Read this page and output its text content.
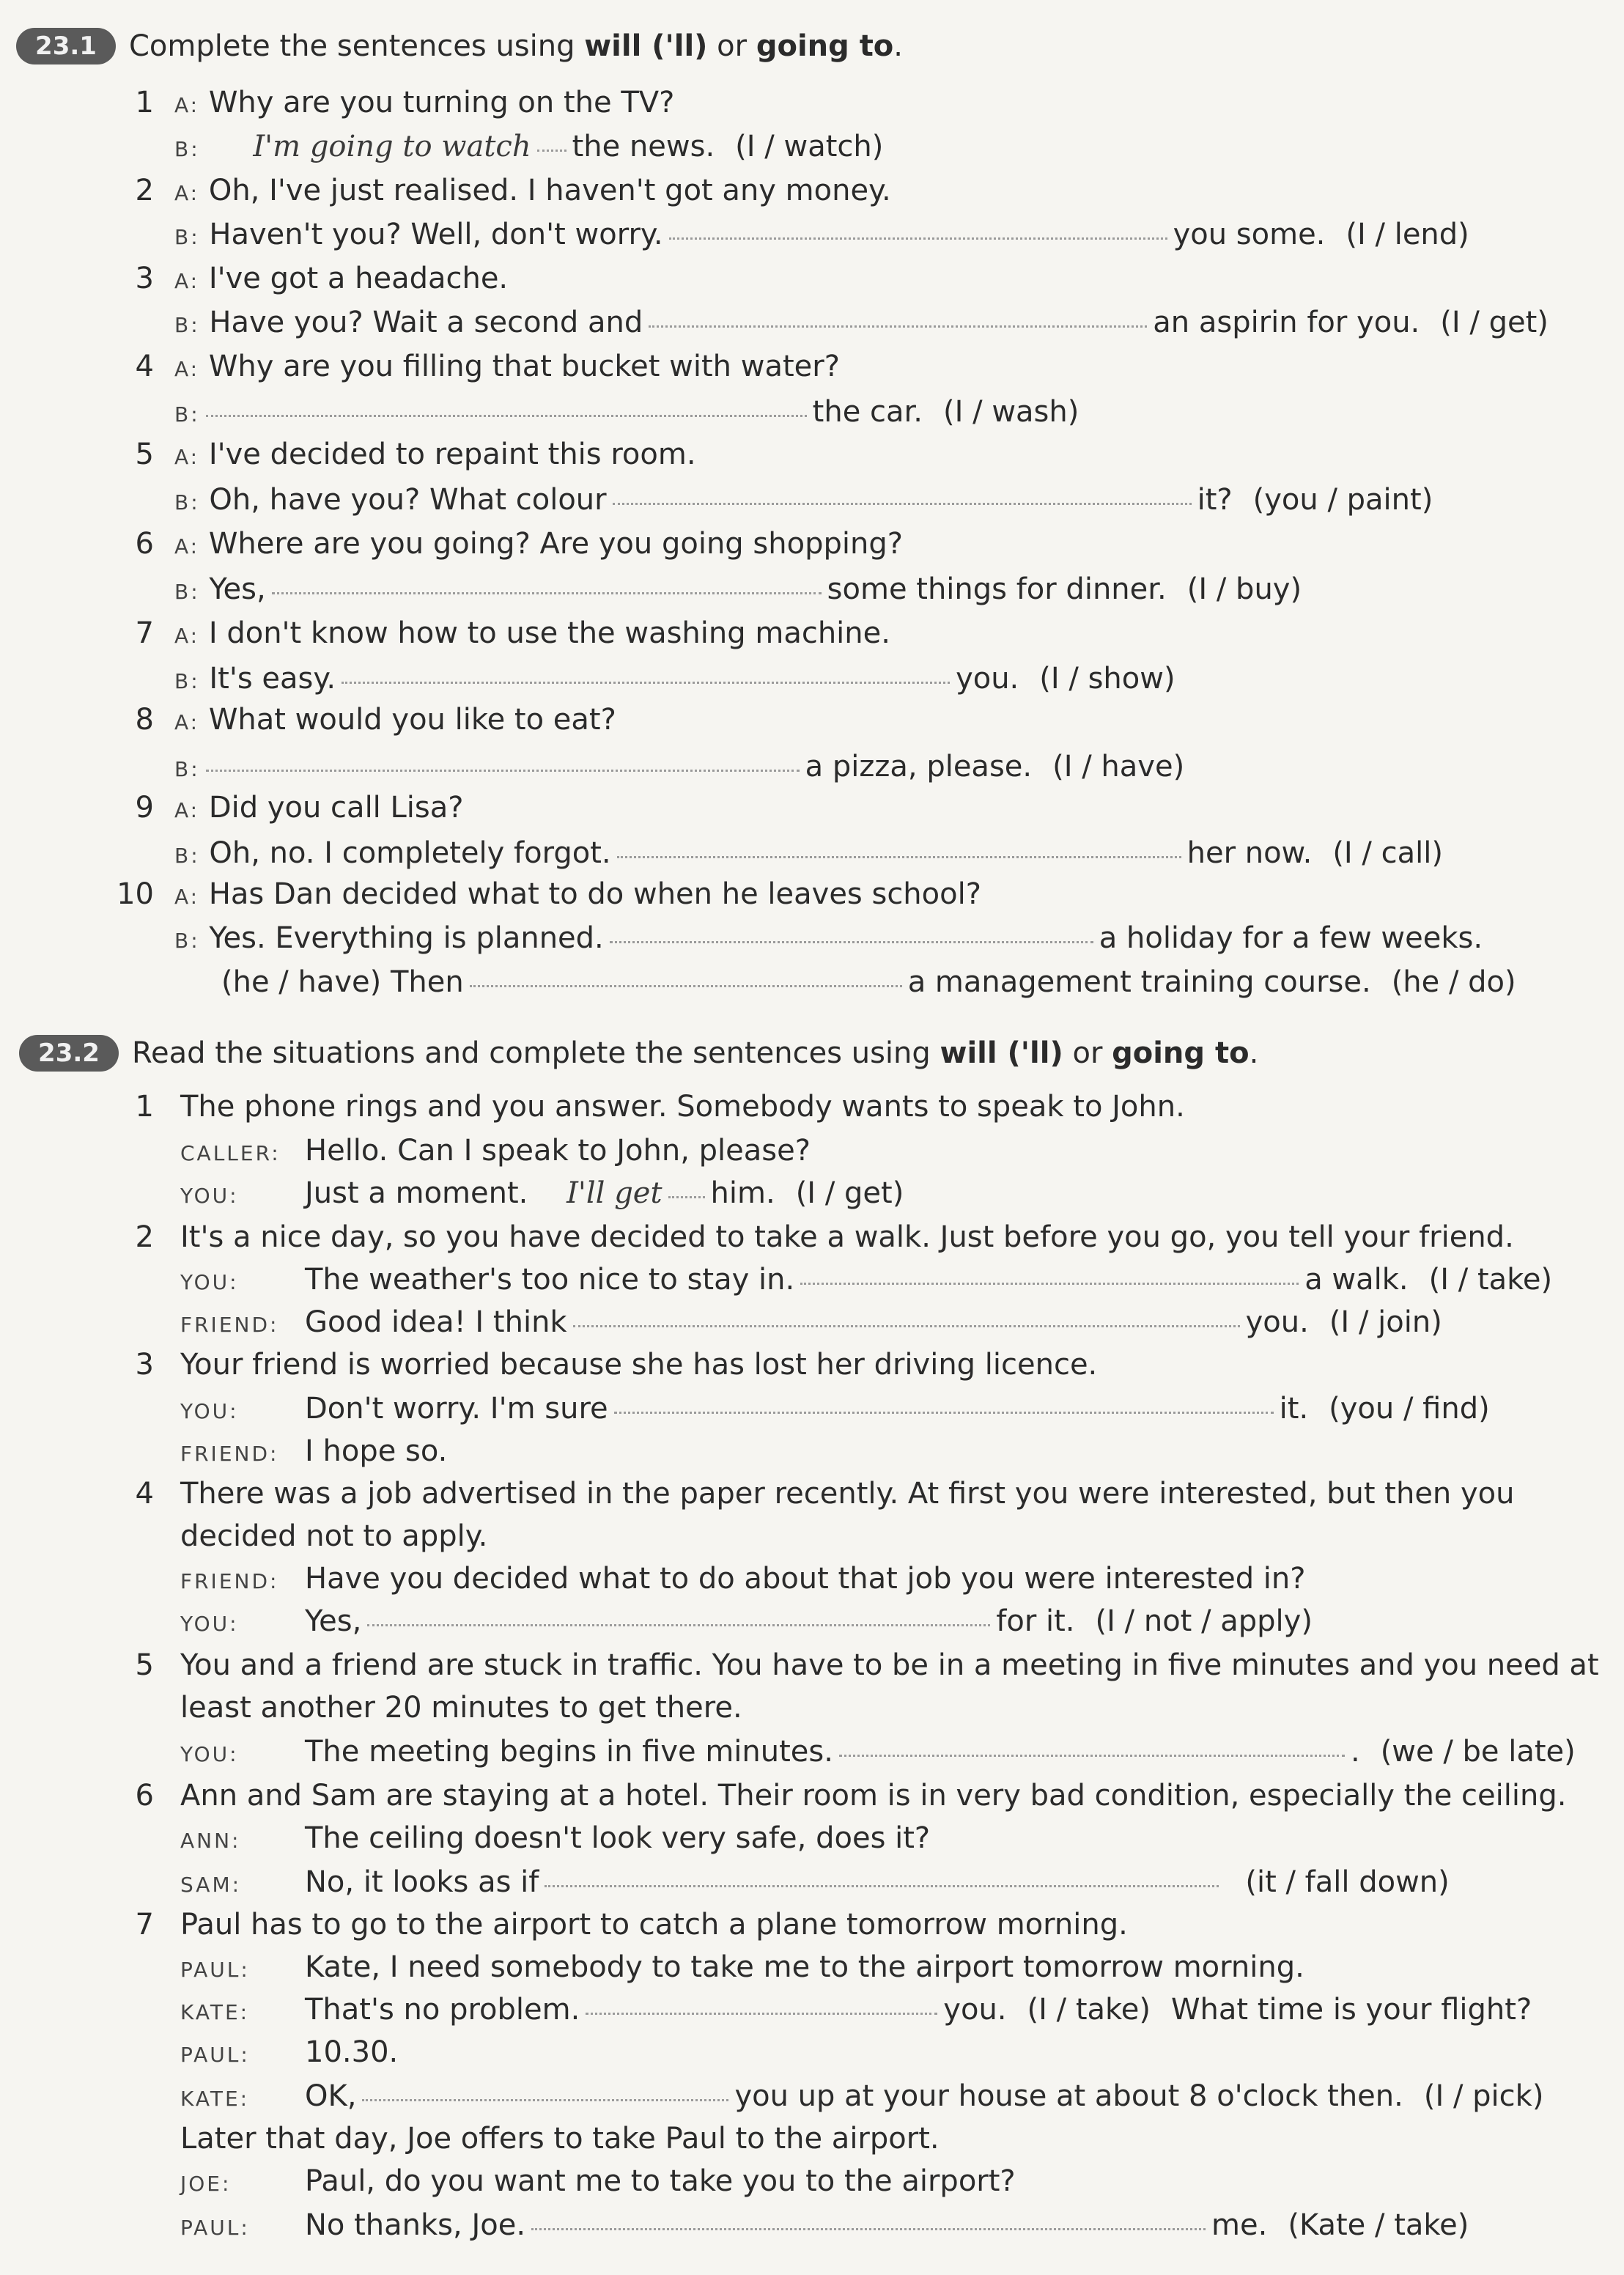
23.1	Complete the sentences using will ('ll) or going to.
1 A: Why are you turning on the TV?
B: I'm going to watch the news. (I / watch)
2 A: Oh, I've just realised. I haven't got any money.
B: Haven't you? Well, don't worry.	you some. (I / lend)
3 A: I've got a headache.
B: Have you? Wait a second and	an aspirin for you. (I / get)
4 A: Why are you filling that bucket with water?
B:	the car. (I / wash)
5 A: I've decided to repaint this room.
B: Oh, have you? What colour	it? (you / paint)
6 A: Where are you going? Are you going shopping?
B: Yes,	some things for dinner. (I / buy)
7 A: I don't know how to use the washing machine.
B: It's easy.	you. (I / show)
8 A: What would you like to eat?
B:	a pizza, please. (I / have)
9 A: Did you call Lisa?
B: Oh, no. I completely forgot.	her now. (I / call)
10 A: Has Dan decided what to do when he leaves school?
B: Yes. Everything is planned.	a holiday for a few weeks.
(he / have) Then	a management training course. (he / do)
23.2	Read the situations and complete the sentences using will ('ll) or going to.
1 The phone rings and you answer. Somebody wants to speak to John.
CALLER: Hello. Can I speak to John, please?
YOU: Just a moment. I'll get him. (I / get)
2 It's a nice day, so you have decided to take a walk. Just before you go, you tell your friend.
YOU: The weather's too nice to stay in.	a walk. (I / take)
FRIEND: Good idea! I think	you. (I / join)
3 Your friend is worried because she has lost her driving licence.
YOU: Don't worry. I'm sure	it. (you / find)
FRIEND: I hope so.
4 There was a job advertised in the paper recently. At first you were interested, but then you
decided not to apply.
FRIEND: Have you decided what to do about that job you were interested in?
YOU: Yes,	for it. (I / not / apply)
5 You and a friend are stuck in traffic. You have to be in a meeting in five minutes and you need at
least another 20 minutes to get there.
YOU: The meeting begins in five minutes.	. (we / be late)
6 Ann and Sam are staying at a hotel. Their room is in very bad condition, especially the ceiling.
ANN: The ceiling doesn't look very safe, does it?
SAM: No, it looks as if	(it / fall down)
7 Paul has to go to the airport to catch a plane tomorrow morning.
PAUL: Kate, I need somebody to take me to the airport tomorrow morning.
KATE: That's no problem.	you. (I / take) What time is your flight?
PAUL: 10.30.
KATE: OK,	you up at your house at about 8 o'clock then. (I / pick)
Later that day, Joe offers to take Paul to the airport.
JOE:	Paul, do you want me to take you to the airport?
PAUL: No thanks, Joe.	me. (Kate / take)
